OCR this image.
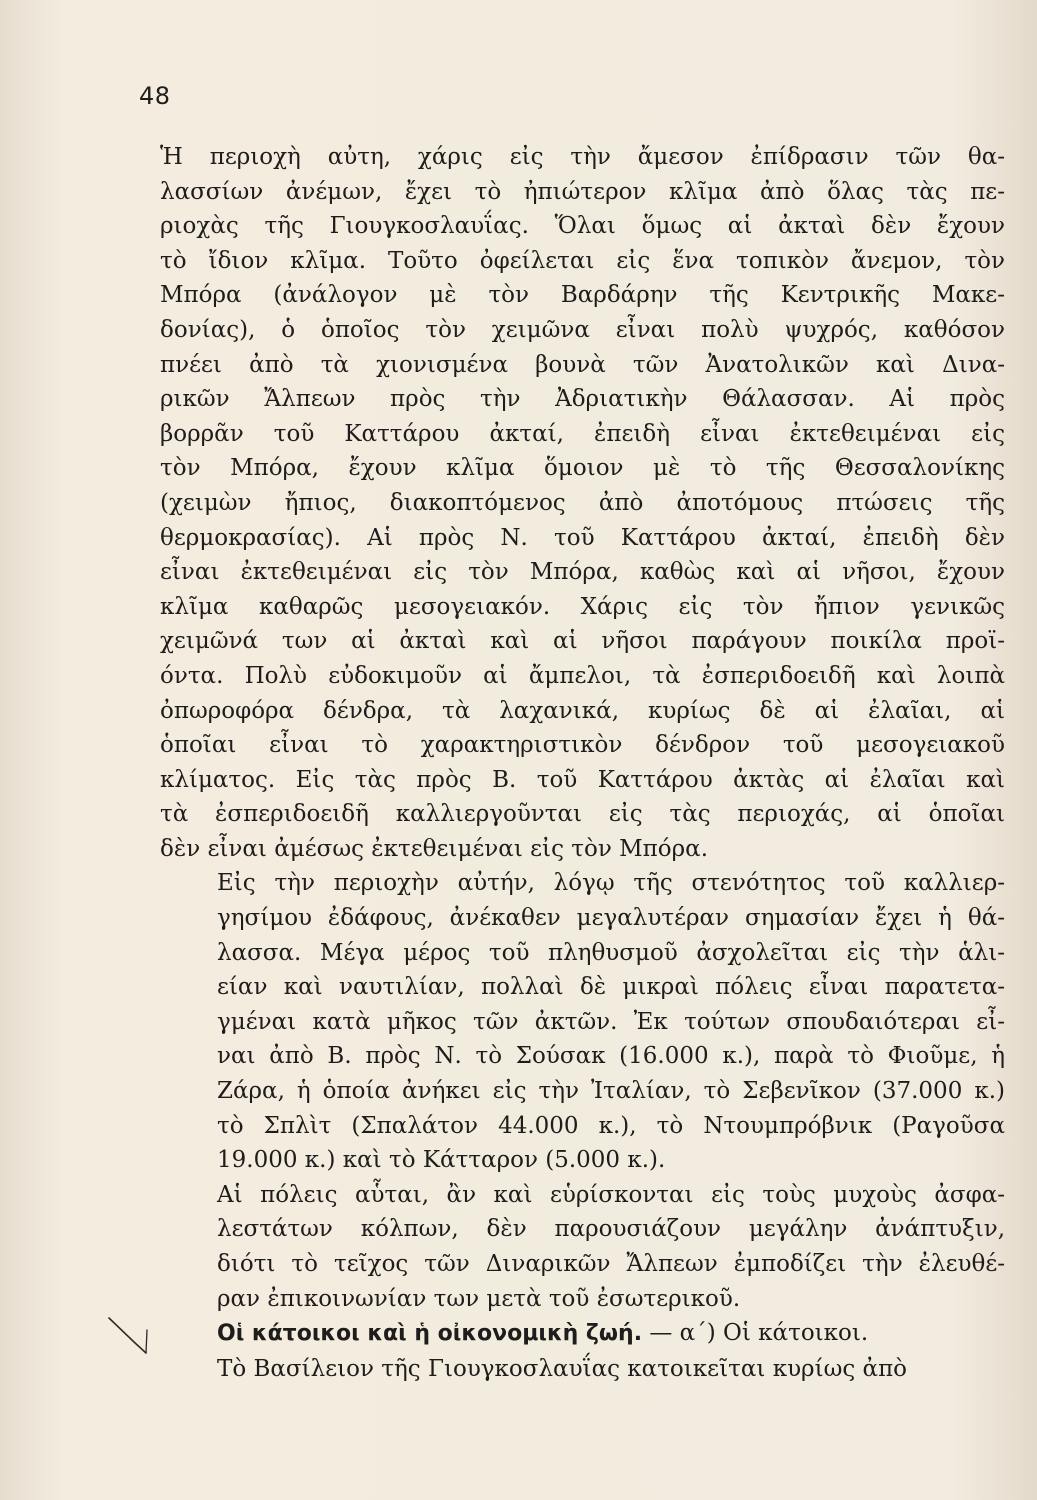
48

Ἡ περιοχὴ αὐτη, χάρις εἰς τὴν ἄμεσον ἐπίδρασιν τῶν θα-
λασσίων ἀνέμων, ἔχει τὸ ἠπιώτερον κλῖμα ἀπὸ ὅλας τὰς πε-
ριοχὰς τῆς Γιουγκοσλαυΐας. Ὅλαι ὅμως αἱ ἀκταὶ δὲν ἔχουν
τὸ ἴδιον κλῖμα. Τοῦτο ὀφείλεται εἰς ἕνα τοπικὸν ἄνεμον, τὸν
Μπόρα (ἀνάλογον μὲ τὸν Βαρδάρην τῆς Κεντρικῆς Μακε-
δονίας), ὁ ὁποῖος τὸν χειμῶνα εἶναι πολὺ ψυχρός, καθόσον
πνέει ἀπὸ τὰ χιονισμένα βουνὰ τῶν Ἀνατολικῶν καὶ Δινα-
ρικῶν Ἄλπεων πρὸς τὴν Ἀδριατικὴν Θάλασσαν. Αἱ πρὸς
βορρᾶν τοῦ Καττάρου ἀκταί, ἐπειδὴ εἶναι ἐκτεθειμέναι εἰς
τὸν Μπόρα, ἔχουν κλῖμα ὅμοιον μὲ τὸ τῆς Θεσσαλονίκης
(χειμὼν ἤπιος, διακοπτόμενος ἀπὸ ἀποτόμους πτώσεις τῆς
θερμοκρασίας). Αἱ πρὸς Ν. τοῦ Καττάρου ἀκταί, ἐπειδὴ δὲν
εἶναι ἐκτεθειμέναι εἰς τὸν Μπόρα, καθὼς καὶ αἱ νῆσοι, ἔχουν
κλῖμα καθαρῶς μεσογειακόν. Χάρις εἰς τὸν ἤπιον γενικῶς
χειμῶνά των αἱ ἀκταὶ καὶ αἱ νῆσοι παράγουν ποικίλα προϊ-
όντα. Πολὺ εὐδοκιμοῦν αἱ ἄμπελοι, τὰ ἐσπεριδοειδῆ καὶ λοιπὰ
ὀπωροφόρα δένδρα, τὰ λαχανικά, κυρίως δὲ αἱ ἐλαῖαι, αἱ
ὁποῖαι εἶναι τὸ χαρακτηριστικὸν δένδρον τοῦ μεσογειακοῦ
κλίματος. Εἰς τὰς πρὸς Β. τοῦ Καττάρου ἀκτὰς αἱ ἐλαῖαι καὶ
τὰ ἐσπεριδοειδῆ καλλιεργοῦνται εἰς τὰς περιοχάς, αἱ ὁποῖαι
δὲν εἶναι ἀμέσως ἐκτεθειμέναι εἰς τὸν Μπόρα.

Εἰς τὴν περιοχὴν αὐτήν, λόγῳ τῆς στενότητος τοῦ καλλιερ-
γησίμου ἐδάφους, ἀνέκαθεν μεγαλυτέραν σημασίαν ἔχει ἡ θά-
λασσα. Μέγα μέρος τοῦ πληθυσμοῦ ἀσχολεῖται εἰς τὴν ἁλι-
είαν καὶ ναυτιλίαν, πολλαὶ δὲ μικραὶ πόλεις εἶναι παρατετα-
γμέναι κατὰ μῆκος τῶν ἀκτῶν. Ἐκ τούτων σπουδαιότεραι εἶ-
ναι ἀπὸ Β. πρὸς Ν. τὸ Σούσακ (16.000 κ.), παρὰ τὸ Φιοῦμε, ἡ
Ζάρα, ἡ ὁποία ἀνήκει εἰς τὴν Ἰταλίαν, τὸ Σεβενῖκον (37.000 κ.)
τὸ Σπλὶτ (Σπαλάτον 44.000 κ.), τὸ Ντουμπρόβνικ (Ραγοῦσα
19.000 κ.) καὶ τὸ Κάτταρον (5.000 κ.).

Αἱ πόλεις αὗται, ἂν καὶ εὑρίσκονται εἰς τοὺς μυχοὺς ἀσφα-
λεστάτων κόλπων, δὲν παρουσιάζουν μεγάλην ἀνάπτυξιν,
διότι τὸ τεῖχος τῶν Διναρικῶν Ἄλπεων ἐμποδίζει τὴν ἐλευθέ-
ραν ἐπικοινωνίαν των μετὰ τοῦ ἐσωτερικοῦ.

Οἱ κάτοικοι καὶ ἡ οἰκονομικὴ ζωή. — α΄) Οἱ κάτοικοι.
Τὸ Βασίλειον τῆς Γιουγκοσλαυΐας κατοικεῖται κυρίως ἀπὸ
